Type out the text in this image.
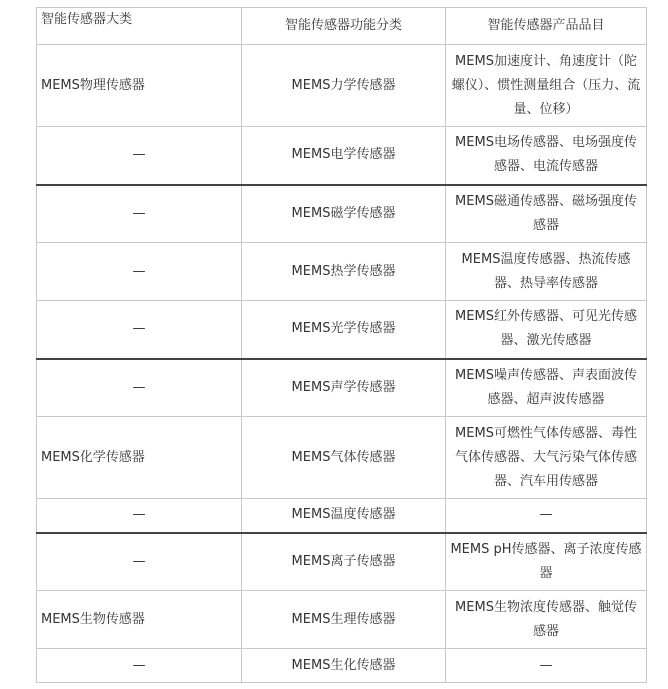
智能传感器大类	智能传感器功能分类	智能传感器产品品目
MEMS物理传感器	MEMS力学传感器	MEMS加速度计、角速度计（陀螺仪）、惯性测量组合（压力、流量、位移）
—	MEMS电学传感器	MEMS电场传感器、电场强度传感器、电流传感器
—	MEMS磁学传感器	MEMS磁通传感器、磁场强度传感器
—	MEMS热学传感器	MEMS温度传感器、热流传感器、热导率传感器
—	MEMS光学传感器	MEMS红外传感器、可见光传感器、激光传感器
—	MEMS声学传感器	MEMS噪声传感器、声表面波传感器、超声波传感器
MEMS化学传感器	MEMS气体传感器	MEMS可燃性气体传感器、毒性气体传感器、大气污染气体传感器、汽车用传感器
—	MEMS温度传感器	—
—	MEMS离子传感器	MEMS pH传感器、离子浓度传感器
MEMS生物传感器	MEMS生理传感器	MEMS生物浓度传感器、触觉传感器
—	MEMS生化传感器	—
